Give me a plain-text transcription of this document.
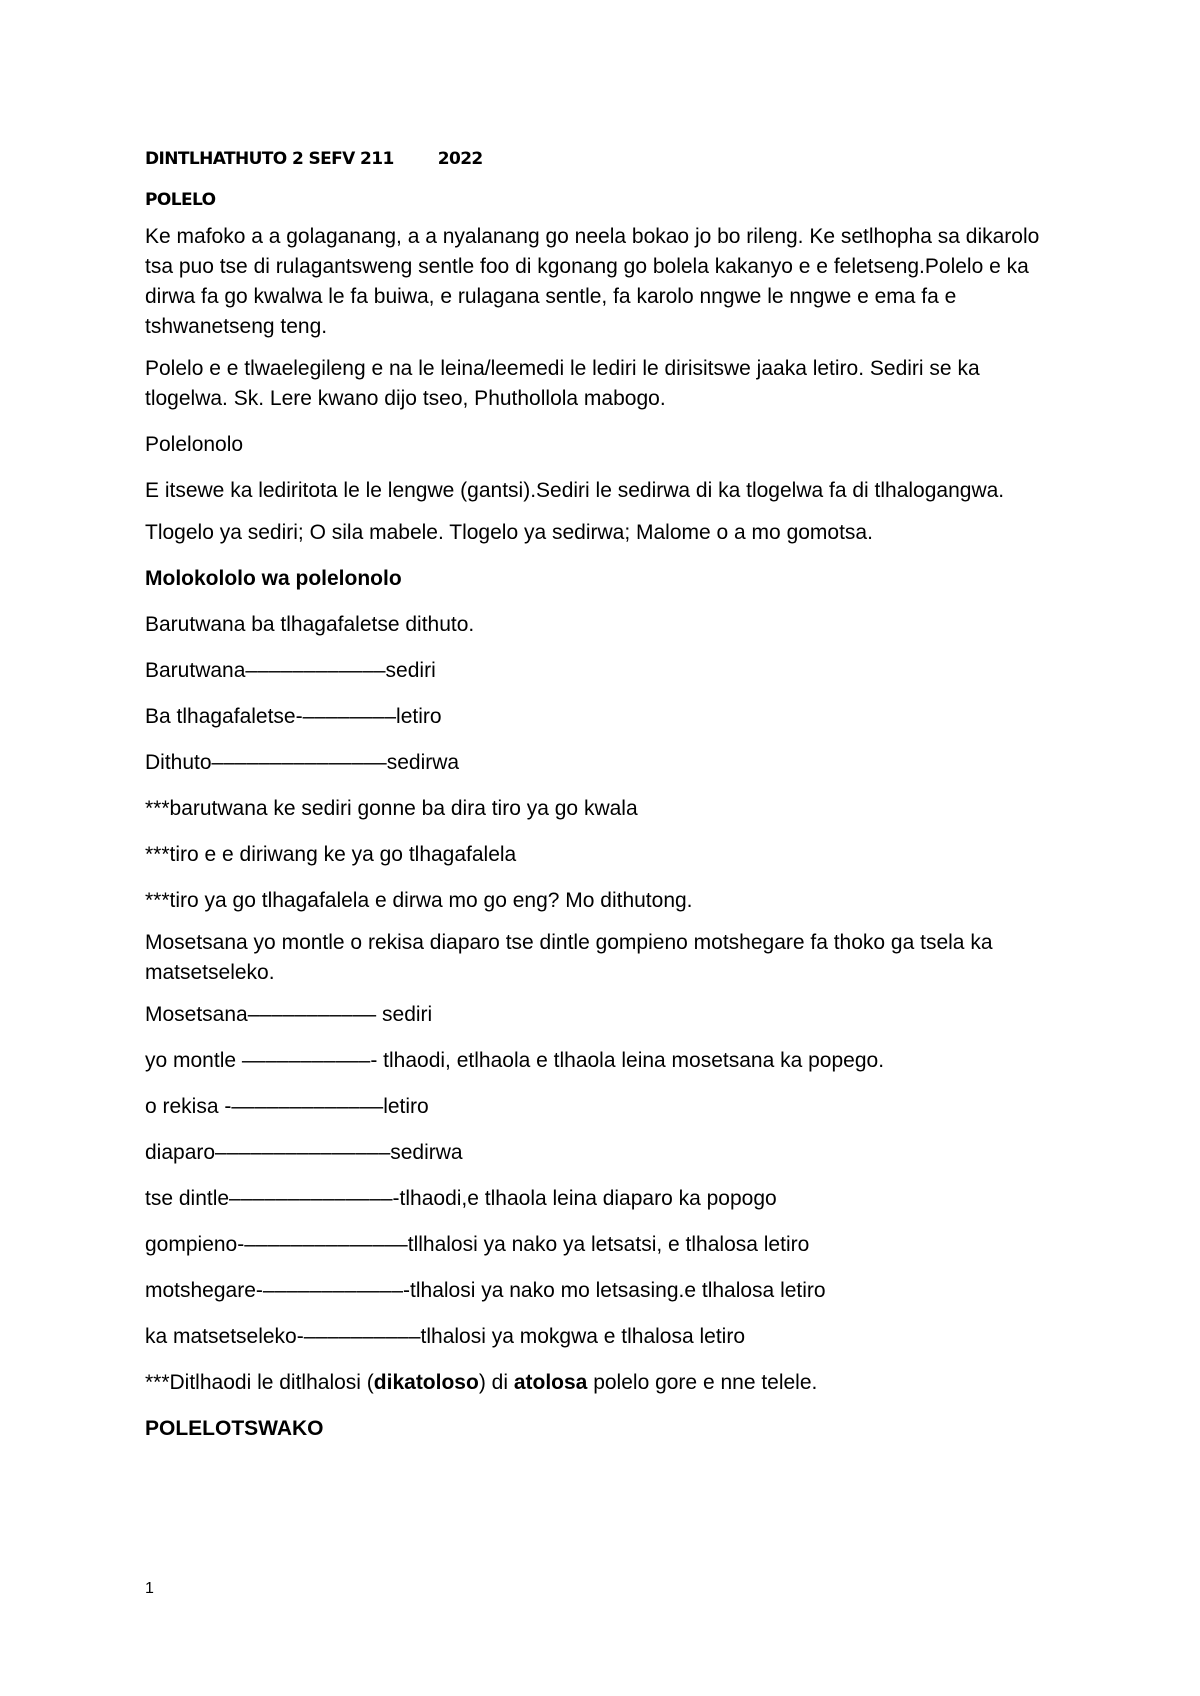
DINTLHATHUTO 2 SEFV 211	2022

POLELO

Ke mafoko a a golaganang, a a nyalanang go neela bokao jo bo rileng. Ke setlhopha sa dikarolo tsa puo tse di rulagantsweng sentle foo di kgonang go bolela kakanyo e e feletseng.Polelo e ka dirwa fa go kwalwa le fa buiwa, e rulagana sentle, fa karolo nngwe le nngwe e ema fa e tshwanetseng teng.

Polelo e e tlwaelegileng e na le leina/leemedi le lediri le dirisitswe jaaka letiro. Sediri se ka tlogelwa. Sk. Lere kwano dijo tseo, Phuthollola mabogo.

Polelonolo

E itsewe ka lediritota le le lengwe (gantsi).Sediri le sedirwa di ka tlogelwa fa di tlhalogangwa.

Tlogelo ya sediri; O sila mabele. Tlogelo ya sedirwa; Malome o a mo gomotsa.

Molokololo wa polelonolo

Barutwana ba tlhagafaletse dithuto.

Barutwana––––––––––––sediri

Ba tlhagafaletse-––––––––letiro

Dithuto–––––––––––––––sedirwa

***barutwana ke sediri gonne ba dira tiro ya go kwala

***tiro e e diriwang ke ya go tlhagafalela

***tiro ya go tlhagafalela e dirwa mo go eng? Mo dithutong.

Mosetsana yo montle o rekisa diaparo tse dintle gompieno motshegare fa thoko ga tsela ka matsetseleko.

Mosetsana––––––––––– sediri

yo montle –––––––––––- tlhaodi, etlhaola e tlhaola leina mosetsana ka popego.

o rekisa -–––––––––––––letiro

diaparo–––––––––––––––sedirwa

tse dintle––––––––––––––-tlhaodi,e tlhaola leina diaparo ka popogo

gompieno-––––––––––––––tllhalosi ya nako ya letsatsi, e tlhalosa letiro

motshegare-––––––––––––-tlhalosi ya nako mo letsasing.e tlhalosa letiro

ka matsetseleko-––––––––––tlhalosi ya mokgwa e tlhalosa letiro

***Ditlhaodi le ditlhalosi (dikatoloso) di atolosa polelo gore e nne telele.

POLELOTSWAKO

1
